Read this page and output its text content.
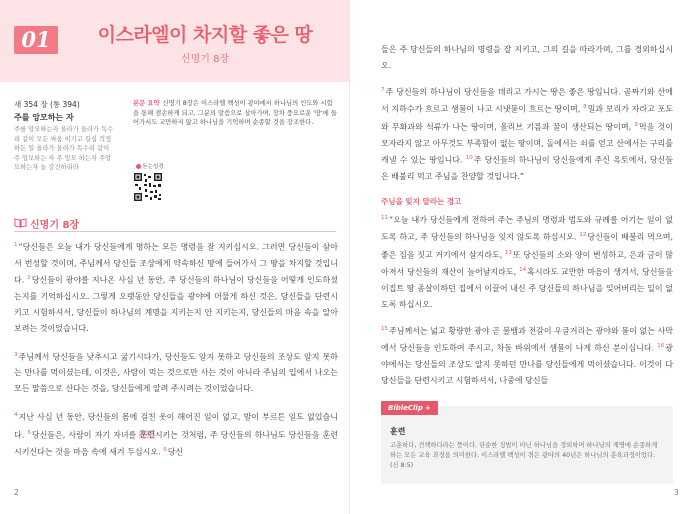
01	이스라엘이 차지할 좋은 땅
신명기 8장
새 354 장 (통 394)
주를 앙모하는 자
주를 앙모하는자 올라가 올라가 독수리 같이 모든 싸움 이기고 길십 걱정하든 일 올라가 올라가 독수리 같이 주 앙모하는 자 주 앙모 하는자 주앙모하는자 늘 강건하리라
본문 요약 신명기 8장은 이스라엘 백성이 광야에서 하나님의 인도와 시험을 통해 겸손하게 되고, 그분의 말씀으로 살아가며, 장차 풍요로운 '땅'에 들어가서도 교만하지 않고 하나님을 기억하며 순종할 것을 강조한다.
듣는성경
신명기 8장

$^1$“당신들은 오늘 내가 당신들에게 명하는 모든 명령을 잘 지키십시오. 그러면 당신들이 살아서 번성할 것이며, 주님께서 당신들 조상에게 약속하신 땅에 들어가서 그 땅을 차지할 것입니다. $^2$당신들이 광야를 지나온 사십 년 동안, 주 당신들의 하나님이 당신들을 어떻게 인도하셨는지를 기억하십시오. 그렇게 오랫동안 당신들을 광야에 머물게 하신 것은, 당신들을 단련시키고 시험하셔서, 당신들이 하나님의 계명을 지키는지 안 지키는지, 당신들의 마음 속을 알아보려는 것이었습니다.

$^3$주님께서 당신들을 낮추시고 굶기시다가, 당신들도 알지 못하고 당신들의 조상도 알지 못하는 만나를 먹이셨는데, 이것은, 사람이 먹는 것으로만 사는 것이 아니라 주님의 입에서 나오는 모든 말씀으로 산다는 것을, 당신들에게 알려 주시려는 것이었습니다.

$^4$지난 사십 년 동안, 당신들의 몸에 걸친 옷이 해어진 일이 없고, 발이 부르튼 일도 없었습니다. $^5$당신들은, 사람이 자기 자녀를 훈련시키는 것처럼, 주 당신들의 하나님도 당신들을 훈련시키신다는 것을 마음 속에 새겨 두십시오. $^6$당신

2

들은 주 당신들의 하나님의 명령을 잘 지키고, 그의 길을 따라가며, 그를 경외하십시오.

$^7$주 당신들의 하나님이 당신들을 데리고 가시는 땅은 좋은 땅입니다. 골짜기와 산에서 지하수가 흐르고 샘물이 나고 시냇물이 흐르는 땅이며, $^8$밀과 보리가 자라고 포도와 무화과와 석류가 나는 땅이며, 올리브 기름과 꿀이 생산되는 땅이며, $^9$먹을 것이 모자라지 않고 아무것도 부족함이 없는 땅이며, 돌에서는 쇠를 얻고 산에서는 구리를 캐낼 수 있는 땅입니다. $^{10}$주 당신들의 하나님이 당신들에게 주신 옥토에서, 당신들은 배불리 먹고 주님을 찬양할 것입니다.”

주님을 잊지 말라는 경고

$^{11}$“오늘 내가 당신들에게 전하여 주는 주님의 명령과 법도와 규례를 어기는 일이 없도록 하고, 주 당신들의 하나님을 잊지 않도록 하십시오. $^{12}$당신들이 배불리 먹으며, 좋은 집을 짓고 거기에서 살지라도, $^{13}$또 당신들의 소와 양이 번성하고, 은과 금이 많아져서 당신들의 재산이 늘어날지라도, $^{14}$혹시라도 교만한 마음이 생겨서, 당신들을 이집트 땅 종살이하던 집에서 이끌어 내신 주 당신들의 하나님을 잊어버리는 일이 없도록 하십시오.

$^{15}$주님께서는 넓고 황량한 광야 곧 불뱀과 전갈이 우글거리는 광야와 물이 없는 사막에서 당신들을 인도하여 주시고, 차돌 바위에서 샘물이 나게 하신 분이십니다. $^{16}$광야에서는 당신들의 조상도 알지 못하던 만나를 당신들에게 먹이셨습니다. 이것이 다 당신들을 단련시키고 시험하셔서, 나중에 당신들

BibleClip +
훈련
고훈하다, 견책하다라는 뜻이다. 단순한 징벌이 아닌 하나님을 경외하며 하나님의 계명에 순종하게 하는 모든 교육 과정을 의미한다. 이스라엘 백성이 겪은 광야의 40년은 하나님의 훈육과정이었다. (신 8:5)
3
